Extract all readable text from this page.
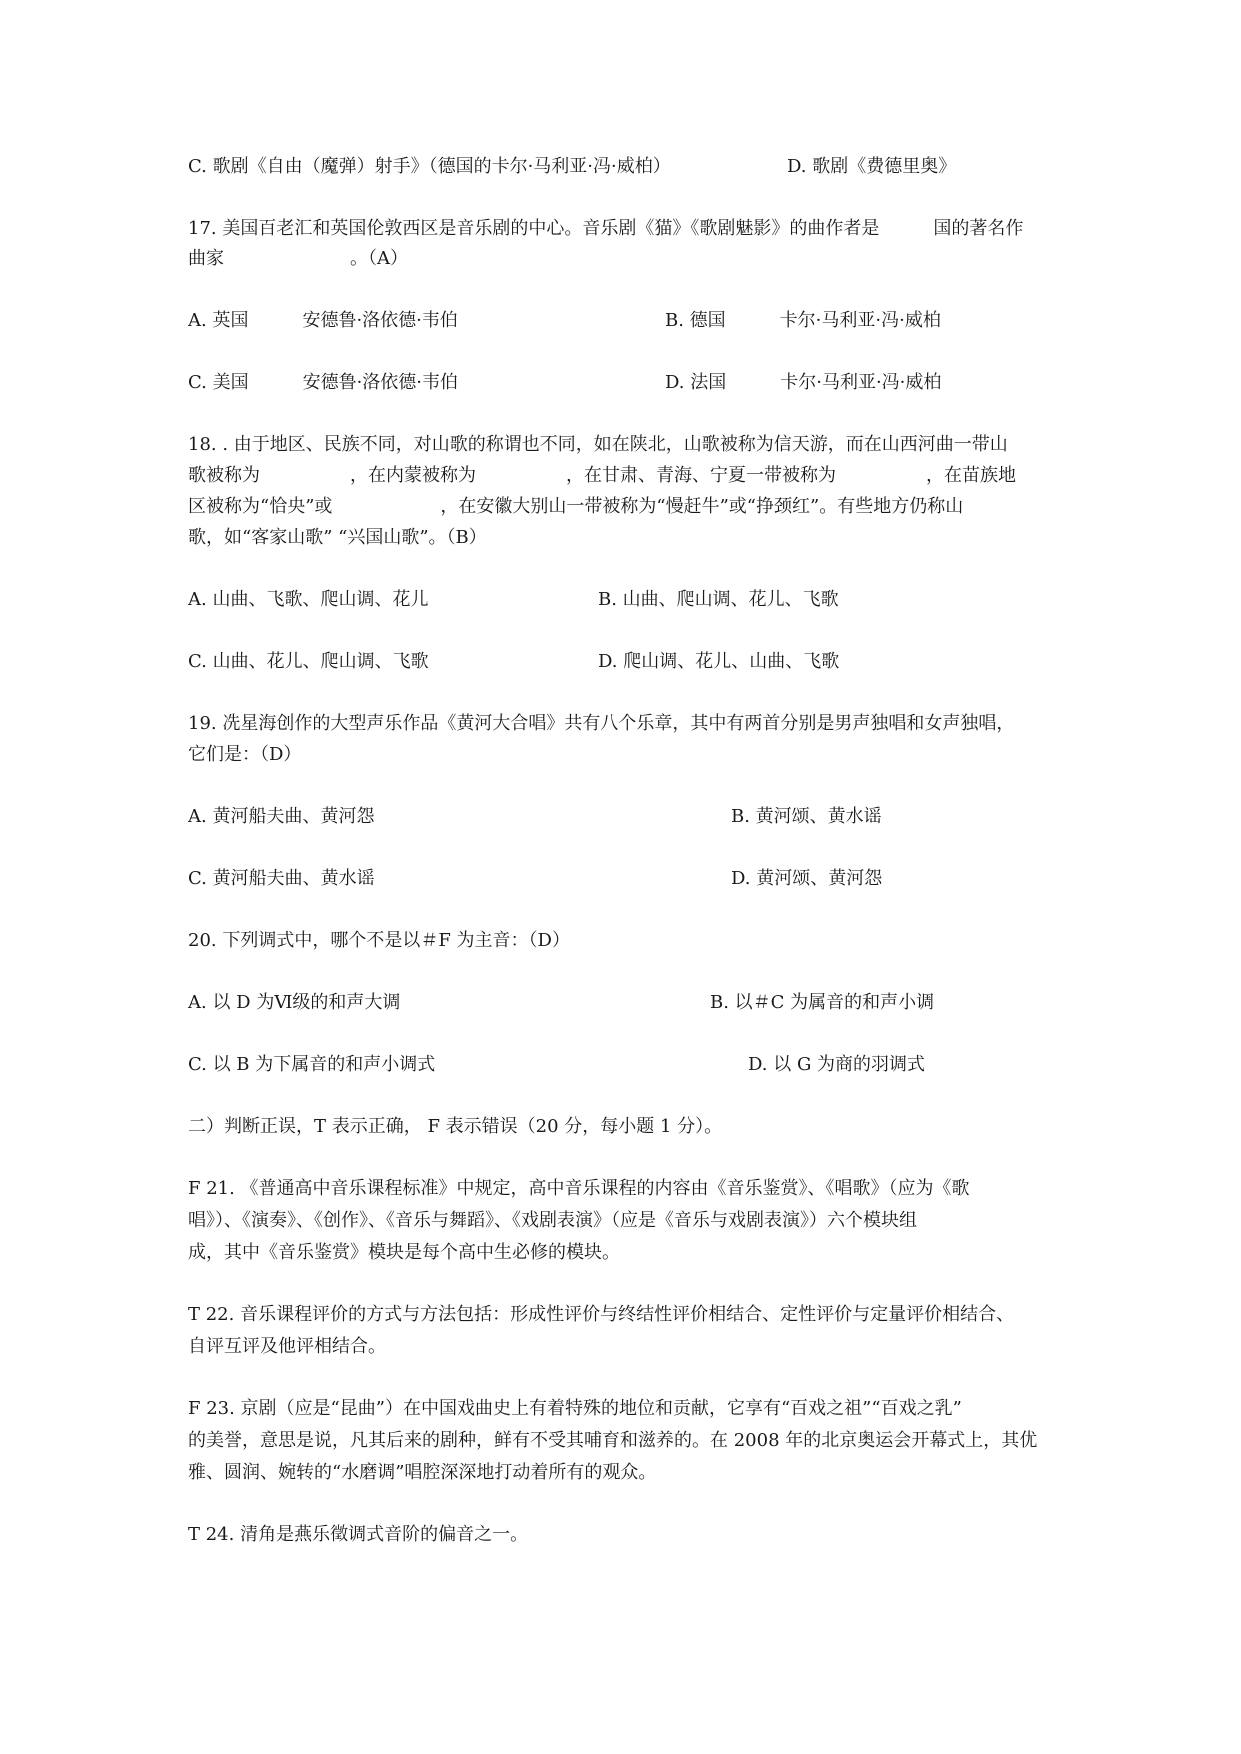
C. 歌剧《自由（魔弹）射手》（德国的卡尔·马利亚·冯·威柏）	D. 歌剧《费德里奥》
17. 美国百老汇和英国伦敦西区是音乐剧的中心。音乐剧《猫》《歌剧魅影》的曲作者是　　　国的著名作
曲家　　　　　　　。（A）
A. 英国　　　安德鲁·洛依德·韦伯	B. 德国　　　卡尔·马利亚·冯·威柏
C. 美国　　　安德鲁·洛依德·韦伯	D. 法国　　　卡尔·马利亚·冯·威柏
18. . 由于地区、民族不同，对山歌的称谓也不同，如在陕北，山歌被称为信天游，而在山西河曲一带山
歌被称为　　　　　，在内蒙被称为　　　　　，在甘肃、青海、宁夏一带被称为　　　　　，在苗族地
区被称为“恰央”或　　　　　　，在安徽大别山一带被称为“慢赶牛”或“挣颈红”。有些地方仍称山
歌，如“客家山歌” “兴国山歌”。（B）
A. 山曲、飞歌、爬山调、花儿	B. 山曲、爬山调、花儿、飞歌
C. 山曲、花儿、爬山调、飞歌	D. 爬山调、花儿、山曲、飞歌
19. 冼星海创作的大型声乐作品《黄河大合唱》共有八个乐章，其中有两首分别是男声独唱和女声独唱，
它们是：（D）
A. 黄河船夫曲、黄河怨	B. 黄河颂、黄水谣
C. 黄河船夫曲、黄水谣	D. 黄河颂、黄河怨
20. 下列调式中，哪个不是以＃F 为主音：（D）
A. 以 D 为Ⅵ级的和声大调	B. 以＃C 为属音的和声小调
C. 以 B 为下属音的和声小调式	D. 以 G 为商的羽调式
二）判断正误，T 表示正确， F 表示错误（20 分，每小题 1 分）。
F 21. 《普通高中音乐课程标准》中规定，高中音乐课程的内容由《音乐鉴赏》、《唱歌》（应为《歌
唱》）、《演奏》、《创作》、《音乐与舞蹈》、《戏剧表演》（应是《音乐与戏剧表演》）六个模块组
成，其中《音乐鉴赏》模块是每个高中生必修的模块。
T 22. 音乐课程评价的方式与方法包括：形成性评价与终结性评价相结合、定性评价与定量评价相结合、
自评互评及他评相结合。
F 23. 京剧（应是“昆曲”）在中国戏曲史上有着特殊的地位和贡献，它享有“百戏之祖”“百戏之乳”
的美誉，意思是说，凡其后来的剧种，鲜有不受其哺育和滋养的。在 2008 年的北京奥运会开幕式上，其优
雅、圆润、婉转的“水磨调”唱腔深深地打动着所有的观众。
T 24. 清角是燕乐徵调式音阶的偏音之一。
